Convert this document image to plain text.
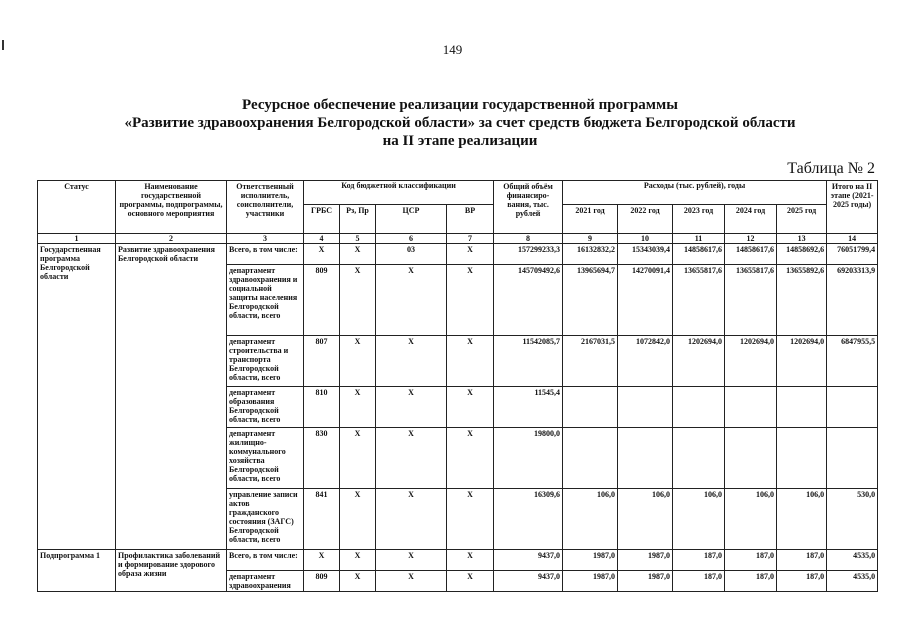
149
Ресурсное обеспечение реализации государственной программы
«Развитие здравоохранения Белгородской области» за счет средств бюджета Белгородской области
на II этапе реализации
Таблица № 2
Статус	Наименование государственной программы, подпрограммы, основного мероприятия	Ответственный исполнитель, соисполнители, участники	Код бюджетной классификации				Общий объём финансиро-вания, тыс. рублей	Расходы (тыс. рублей), годы					Итого на II этапе (2021-2025 годы)
			ГРБС	Рз, Пр	ЦСР	ВР		2021 год	2022 год	2023 год	2024 год	2025 год	
1	2	3	4	5	6	7	8	9	10	11	12	13	14
Государственная программа Белгородской области	Развитие здравоохранения Белгородской области	Всего, в том числе:	Х	Х	03	Х	157299233,3	16132832,2	15343039,4	14858617,6	14858617,6	14858692,6	76051799,4
		департамент здравоохранения и социальной защиты населения Белгородской области, всего	809	Х	Х	Х	145709492,6	13965694,7	14270091,4	13655817,6	13655817,6	13655892,6	69203313,9
		департамент строительства и транспорта Белгородской области, всего	807	Х	Х	Х	11542085,7	2167031,5	1072842,0	1202694,0	1202694,0	1202694,0	6847955,5
		департамент образования Белгородской области, всего	810	Х	Х	Х	11545,4						
		департамент жилищно-коммунального хозяйства Белгородской области, всего	830	Х	Х	Х	19800,0						
		управление записи актов гражданского состояния (ЗАГС) Белгородской области, всего	841	Х	Х	Х	16309,6	106,0	106,0	106,0	106,0	106,0	530,0
Подпрограмма 1	Профилактика заболеваний и формирование здорового образа жизни	Всего, в том числе:	Х	Х	Х	Х	9437,0	1987,0	1987,0	187,0	187,0	187,0	4535,0
		департамент здравоохранения	809	Х	Х	Х	9437,0	1987,0	1987,0	187,0	187,0	187,0	4535,0
